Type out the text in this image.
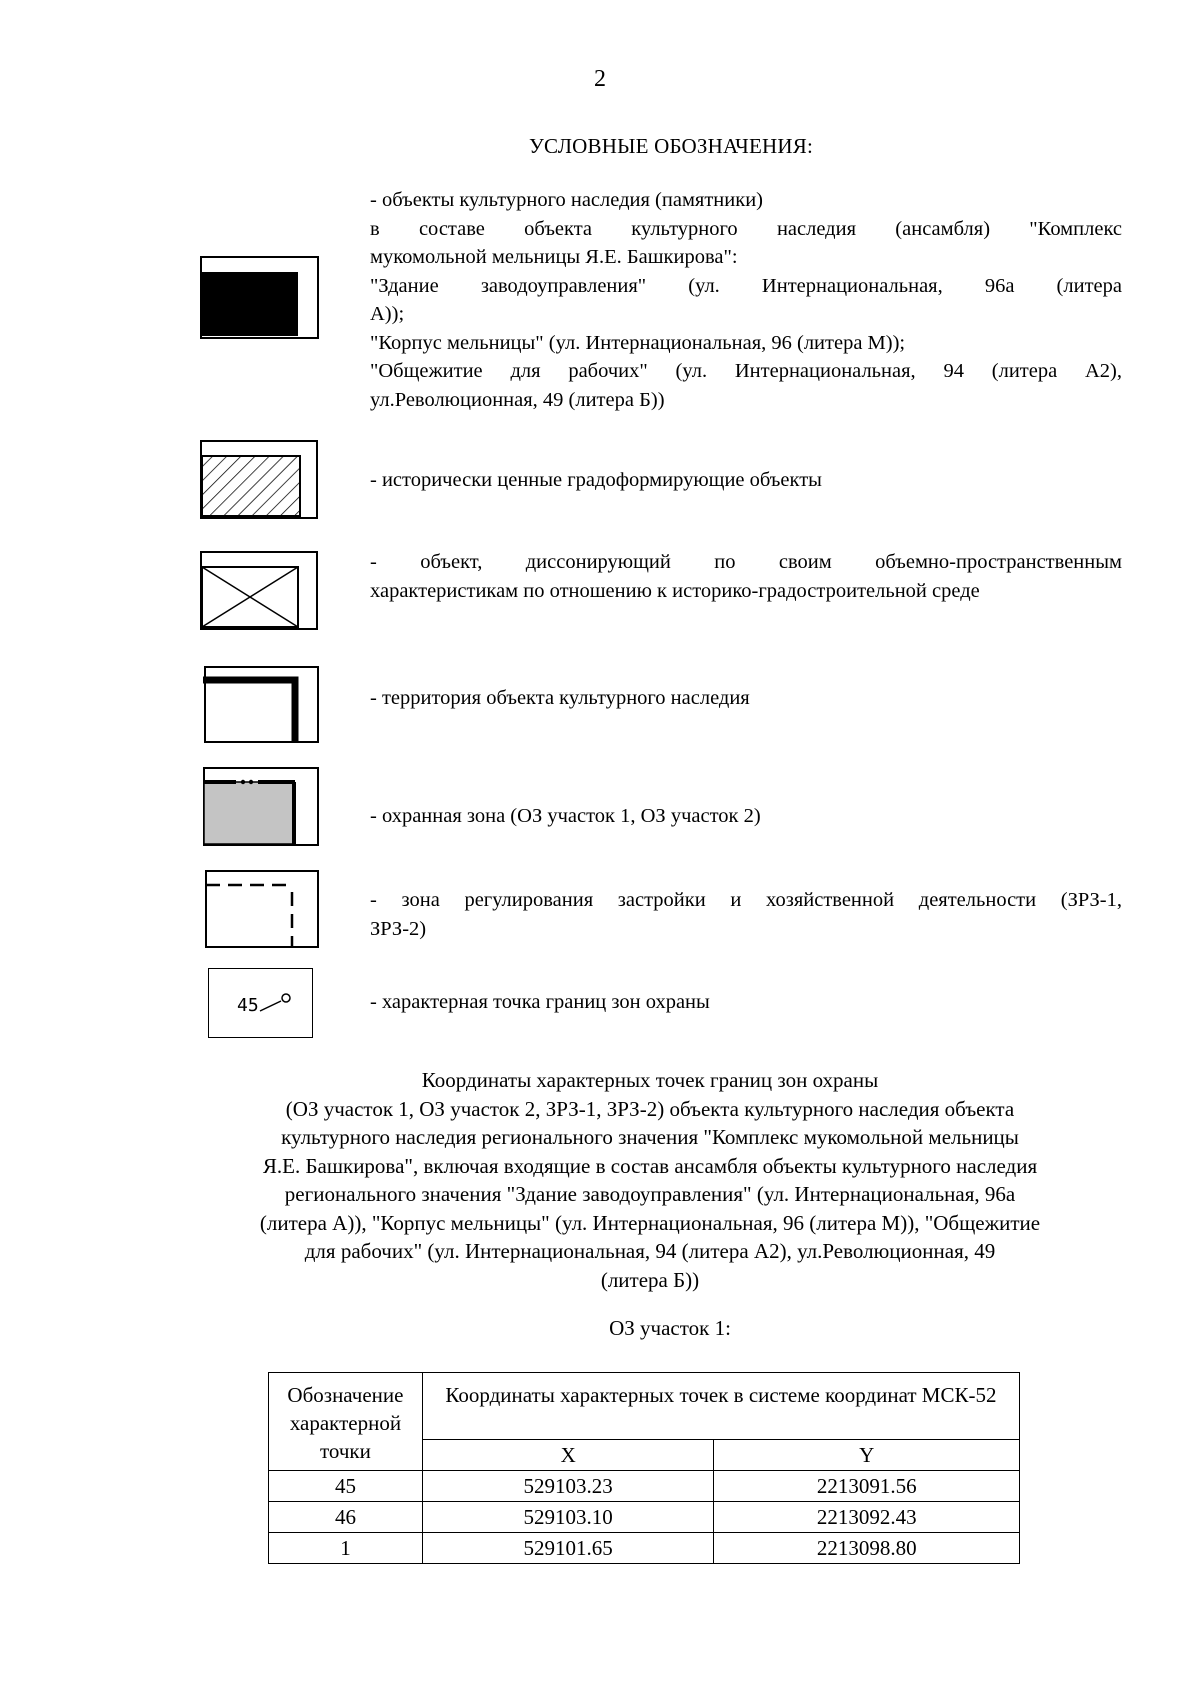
2
УСЛОВНЫЕ ОБОЗНАЧЕНИЯ:
- объекты культурного наследия (памятники)
в составе объекта культурного наследия (ансамбля) "Комплекс
мукомольной мельницы Я.Е. Башкирова":
"Здание заводоуправления" (ул. Интернациональная, 96а (литера
А));
"Корпус мельницы" (ул. Интернациональная, 96 (литера М));
"Общежитие для рабочих" (ул. Интернациональная, 94 (литера А2),
ул.Революционная, 49 (литера Б))
- исторически ценные градоформирующие объекты
- объект, диссонирующий по своим объемно-пространственным
характеристикам по отношению к историко-градостроительной среде
- территория объекта культурного наследия
- охранная зона (ОЗ участок 1, ОЗ участок 2)
- зона регулирования застройки и хозяйственной деятельности (ЗРЗ-1,
ЗРЗ-2)
45	- характерная точка границ зон охраны
Координаты характерных точек границ зон охраны
(ОЗ участок 1, ОЗ участок 2, ЗРЗ-1, ЗРЗ-2) объекта культурного наследия объекта
культурного наследия регионального значения "Комплекс мукомольной мельницы
Я.Е. Башкирова", включая входящие в состав ансамбля объекты культурного наследия
регионального значения "Здание заводоуправления" (ул. Интернациональная, 96а
(литера А)), "Корпус мельницы" (ул. Интернациональная, 96 (литера М)), "Общежитие
для рабочих" (ул. Интернациональная, 94 (литера А2), ул.Революционная, 49
(литера Б))
ОЗ участок 1:
Обозначение характерной точки	Координаты характерных точек в системе координат МСК-52	
	X	Y
45	529103.23	2213091.56
46	529103.10	2213092.43
1	529101.65	2213098.80
